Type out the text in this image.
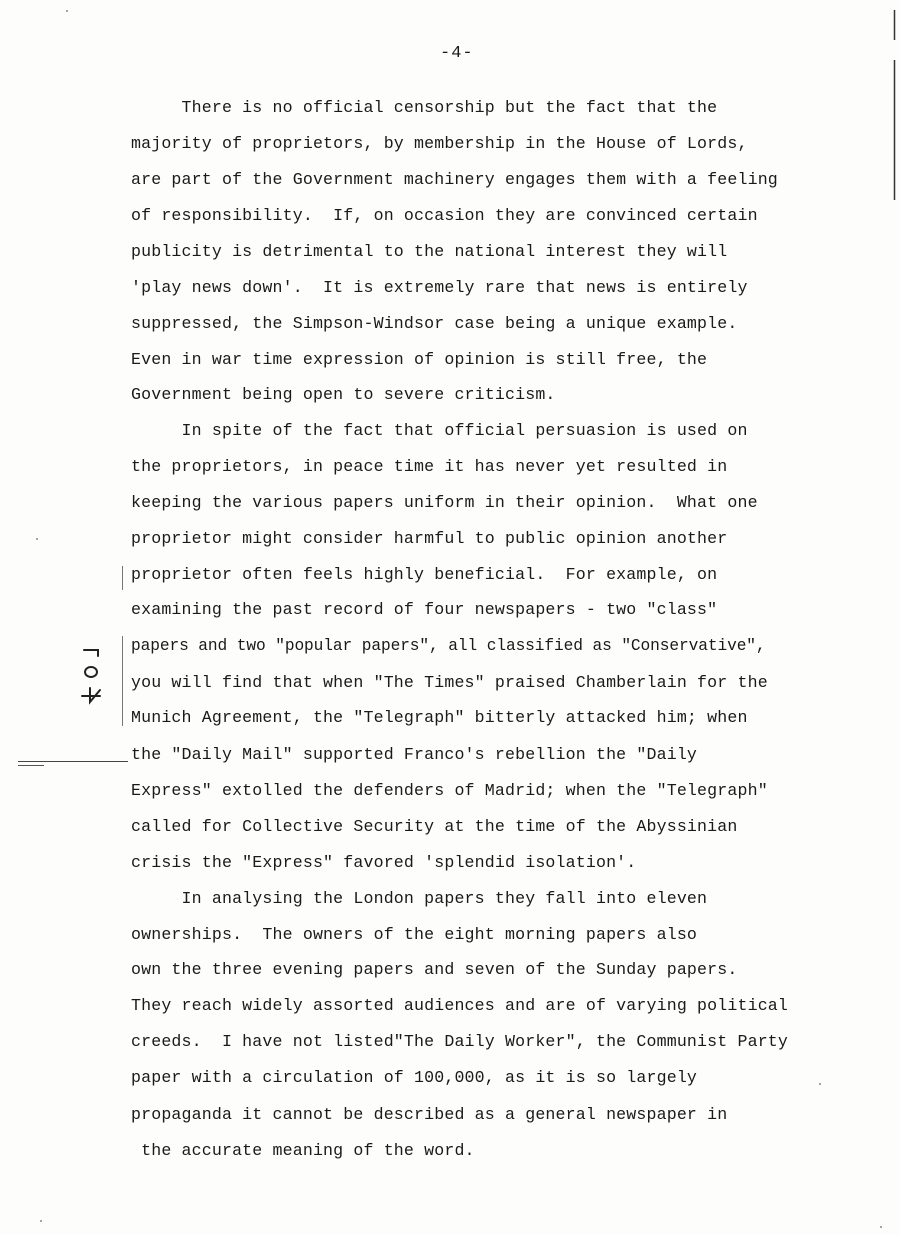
-4-
There is no official censorship but the fact that the
majority of proprietors, by membership in the House of Lords,
are part of the Government machinery engages them with a feeling
of responsibility.  If, on occasion they are convinced certain
publicity is detrimental to the national interest they will
'play news down'.  It is extremely rare that news is entirely
suppressed, the Simpson-Windsor case being a unique example.
Even in war time expression of opinion is still free, the
Government being open to severe criticism.
In spite of the fact that official persuasion is used on
the proprietors, in peace time it has never yet resulted in
keeping the various papers uniform in their opinion.  What one
proprietor might consider harmful to public opinion another
proprietor often feels highly beneficial.  For example, on
examining the past record of four newspapers - two "class"
papers and two "popular papers", all classified as "Conservative",
you will find that when "The Times" praised Chamberlain for the
Munich Agreement, the "Telegraph" bitterly attacked him; when
the "Daily Mail" supported Franco's rebellion the "Daily
Express" extolled the defenders of Madrid; when the "Telegraph"
called for Collective Security at the time of the Abyssinian
crisis the "Express" favored 'splendid isolation'.
In analysing the London papers they fall into eleven
ownerships.  The owners of the eight morning papers also
own the three evening papers and seven of the Sunday papers.
They reach widely assorted audiences and are of varying political
creeds.  I have not listed"The Daily Worker", the Communist Party
paper with a circulation of 100,000, as it is so largely
propaganda it cannot be described as a general newspaper in
the accurate meaning of the word.
